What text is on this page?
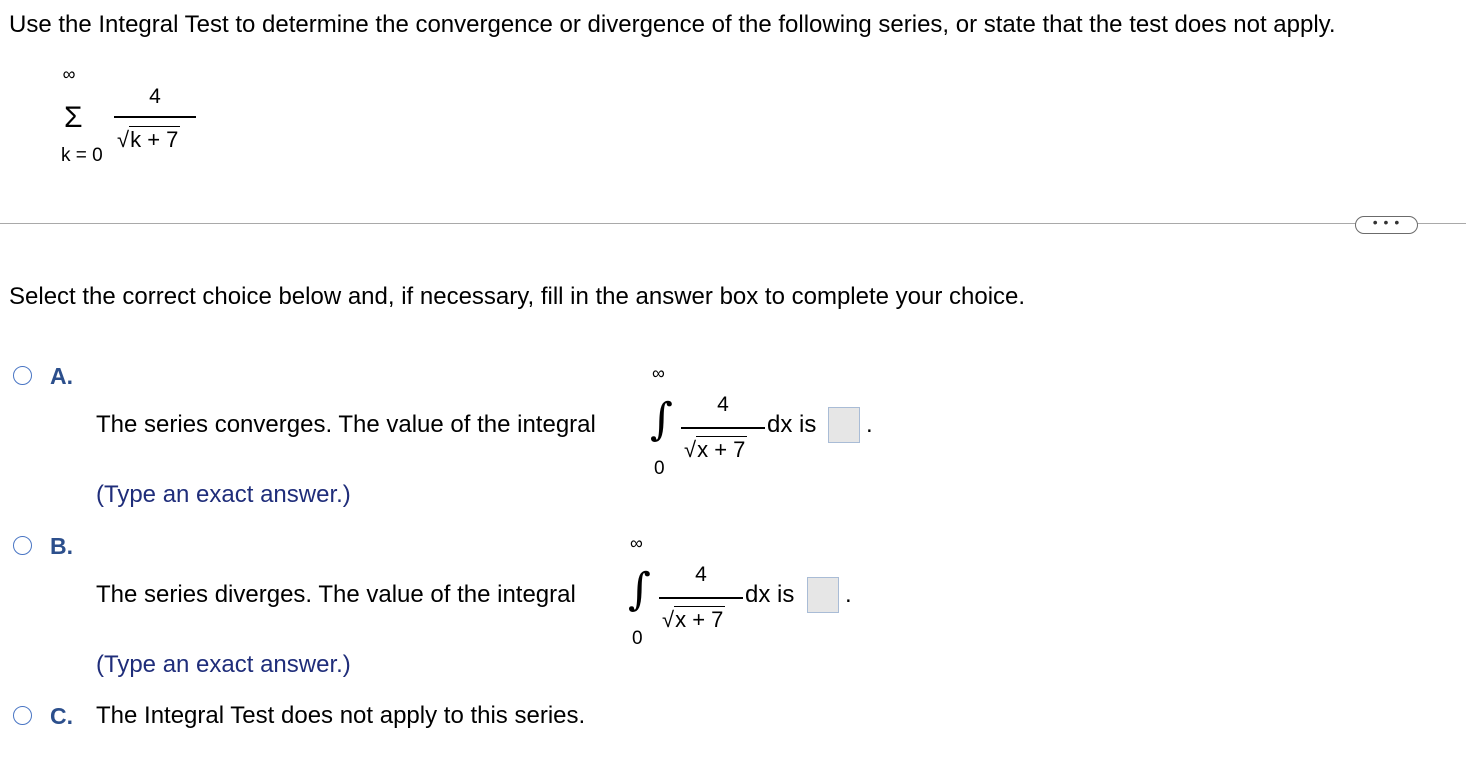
Use the Integral Test to determine the convergence or divergence of the following series, or state that the test does not apply.
∞
Σ
k = 0
4
√k + 7
• • •
Select the correct choice below and, if necessary, fill in the answer box to complete your choice.
A.
The series converges. The value of the integral
∞
∫
0
4
√x + 7
dx is .
(Type an exact answer.)
B.
The series diverges. The value of the integral
∞
∫
0
4
√x + 7
dx is .
(Type an exact answer.)
C. The Integral Test does not apply to this series.
